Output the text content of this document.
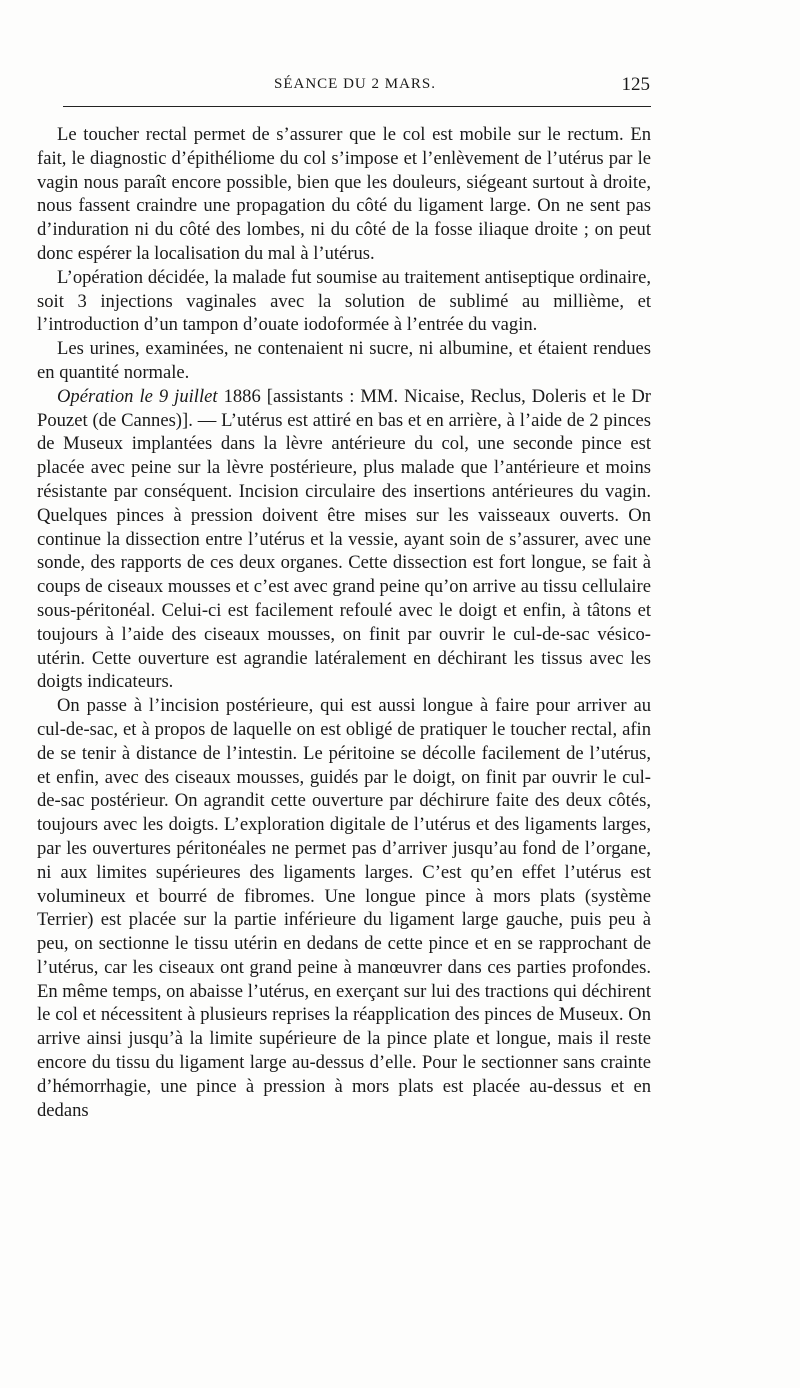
SÉANCE DU 2 MARS.	125

Le toucher rectal permet de s’assurer que le col est mobile sur le rectum. En fait, le diagnostic d’épithéliome du col s’impose et l’enlèvement de l’utérus par le vagin nous paraît encore possible, bien que les douleurs, siégeant surtout à droite, nous fassent craindre une propagation du côté du ligament large. On ne sent pas d’induration ni du côté des lombes, ni du côté de la fosse iliaque droite ; on peut donc espérer la localisation du mal à l’utérus.

L’opération décidée, la malade fut soumise au traitement antiseptique ordinaire, soit 3 injections vaginales avec la solution de sublimé au millième, et l’introduction d’un tampon d’ouate iodoformée à l’entrée du vagin.

Les urines, examinées, ne contenaient ni sucre, ni albumine, et étaient rendues en quantité normale.

Opération le 9 juillet 1886 [assistants : MM. Nicaise, Reclus, Doleris et le Dr Pouzet (de Cannes)]. — L’utérus est attiré en bas et en arrière, à l’aide de 2 pinces de Museux implantées dans la lèvre antérieure du col, une seconde pince est placée avec peine sur la lèvre postérieure, plus malade que l’antérieure et moins résistante par conséquent. Incision circulaire des insertions antérieures du vagin. Quelques pinces à pression doivent être mises sur les vaisseaux ouverts. On continue la dissection entre l’utérus et la vessie, ayant soin de s’assurer, avec une sonde, des rapports de ces deux organes. Cette dissection est fort longue, se fait à coups de ciseaux mousses et c’est avec grand peine qu’on arrive au tissu cellulaire sous-péritonéal. Celui-ci est facilement refoulé avec le doigt et enfin, à tâtons et toujours à l’aide des ciseaux mousses, on finit par ouvrir le cul-de-sac vésico-utérin. Cette ouverture est agrandie latéralement en déchirant les tissus avec les doigts indicateurs.

On passe à l’incision postérieure, qui est aussi longue à faire pour arriver au cul-de-sac, et à propos de laquelle on est obligé de pratiquer le toucher rectal, afin de se tenir à distance de l’intestin. Le péritoine se décolle facilement de l’utérus, et enfin, avec des ciseaux mousses, guidés par le doigt, on finit par ouvrir le cul-de-sac postérieur. On agrandit cette ouverture par déchirure faite des deux côtés, toujours avec les doigts. L’exploration digitale de l’utérus et des ligaments larges, par les ouvertures péritonéales ne permet pas d’arriver jusqu’au fond de l’organe, ni aux limites supérieures des ligaments larges. C’est qu’en effet l’utérus est volumineux et bourré de fibromes. Une longue pince à mors plats (système Terrier) est placée sur la partie inférieure du ligament large gauche, puis peu à peu, on sectionne le tissu utérin en dedans de cette pince et en se rapprochant de l’utérus, car les ciseaux ont grand peine à manœuvrer dans ces parties profondes. En même temps, on abaisse l’utérus, en exerçant sur lui des tractions qui déchirent le col et nécessitent à plusieurs reprises la réapplication des pinces de Museux. On arrive ainsi jusqu’à la limite supérieure de la pince plate et longue, mais il reste encore du tissu du ligament large au-dessus d’elle. Pour le sectionner sans crainte d’hémorrhagie, une pince à pression à mors plats est placée au-dessus et en dedans
